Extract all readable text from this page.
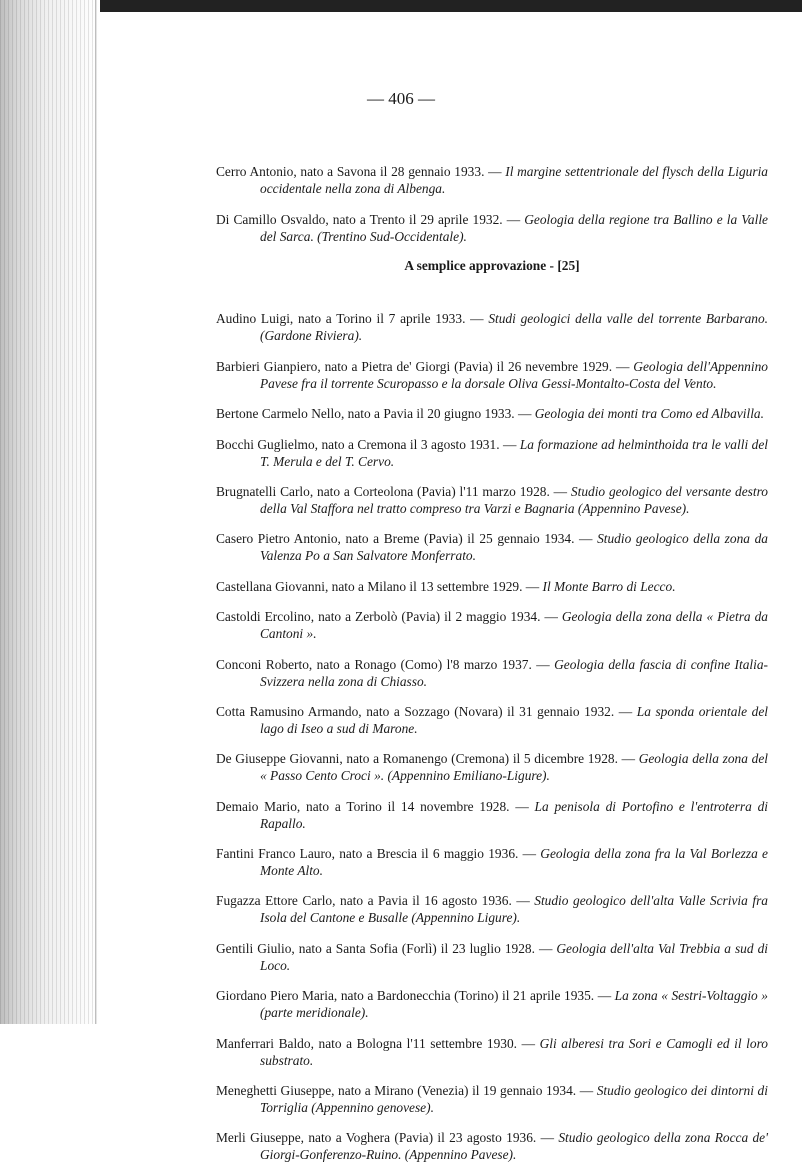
— 406 —

Cerro Antonio, nato a Savona il 28 gennaio 1933. — Il margine settentrionale del flysch della Liguria occidentale nella zona di Albenga.

Di Camillo Osvaldo, nato a Trento il 29 aprile 1932. — Geologia della regione tra Ballino e la Valle del Sarca. (Trentino Sud-Occidentale).

A semplice approvazione - [25]

Audino Luigi, nato a Torino il 7 aprile 1933. — Studi geologici della valle del torrente Barbarano. (Gardone Riviera).

Barbieri Gianpiero, nato a Pietra de' Giorgi (Pavia) il 26 nevembre 1929. — Geologia dell'Appennino Pavese fra il torrente Scuropasso e la dorsale Oliva Gessi-Montalto-Costa del Vento.

Bertone Carmelo Nello, nato a Pavia il 20 giugno 1933. — Geologia dei monti tra Como ed Albavilla.

Bocchi Guglielmo, nato a Cremona il 3 agosto 1931. — La formazione ad helminthoida tra le valli del T. Merula e del T. Cervo.

Brugnatelli Carlo, nato a Corteolona (Pavia) l'11 marzo 1928. — Studio geologico del versante destro della Val Staffora nel tratto compreso tra Varzi e Bagnaria (Appennino Pavese).

Casero Pietro Antonio, nato a Breme (Pavia) il 25 gennaio 1934. — Studio geologico della zona da Valenza Po a San Salvatore Monferrato.

Castellana Giovanni, nato a Milano il 13 settembre 1929. — Il Monte Barro di Lecco.

Castoldi Ercolino, nato a Zerbolò (Pavia) il 2 maggio 1934. — Geologia della zona della « Pietra da Cantoni ».

Conconi Roberto, nato a Ronago (Como) l'8 marzo 1937. — Geologia della fascia di confine Italia-Svizzera nella zona di Chiasso.

Cotta Ramusino Armando, nato a Sozzago (Novara) il 31 gennaio 1932. — La sponda orientale del lago di Iseo a sud di Marone.

De Giuseppe Giovanni, nato a Romanengo (Cremona) il 5 dicembre 1928. — Geologia della zona del « Passo Cento Croci ». (Appennino Emiliano-Ligure).

Demaio Mario, nato a Torino il 14 novembre 1928. — La penisola di Portofino e l'entroterra di Rapallo.

Fantini Franco Lauro, nato a Brescia il 6 maggio 1936. — Geologia della zona fra la Val Borlezza e Monte Alto.

Fugazza Ettore Carlo, nato a Pavia il 16 agosto 1936. — Studio geologico dell'alta Valle Scrivia fra Isola del Cantone e Busalle (Appennino Ligure).

Gentili Giulio, nato a Santa Sofia (Forlì) il 23 luglio 1928. — Geologia dell'alta Val Trebbia a sud di Loco.

Giordano Piero Maria, nato a Bardonecchia (Torino) il 21 aprile 1935. — La zona « Sestri-Voltaggio » (parte meridionale).

Manferrari Baldo, nato a Bologna l'11 settembre 1930. — Gli alberesi tra Sori e Camogli ed il loro substrato.

Meneghetti Giuseppe, nato a Mirano (Venezia) il 19 gennaio 1934. — Studio geologico dei dintorni di Torriglia (Appennino genovese).

Merli Giuseppe, nato a Voghera (Pavia) il 23 agosto 1936. — Studio geologico della zona Rocca de' Giorgi-Gonferenzo-Ruino. (Appennino Pavese).
